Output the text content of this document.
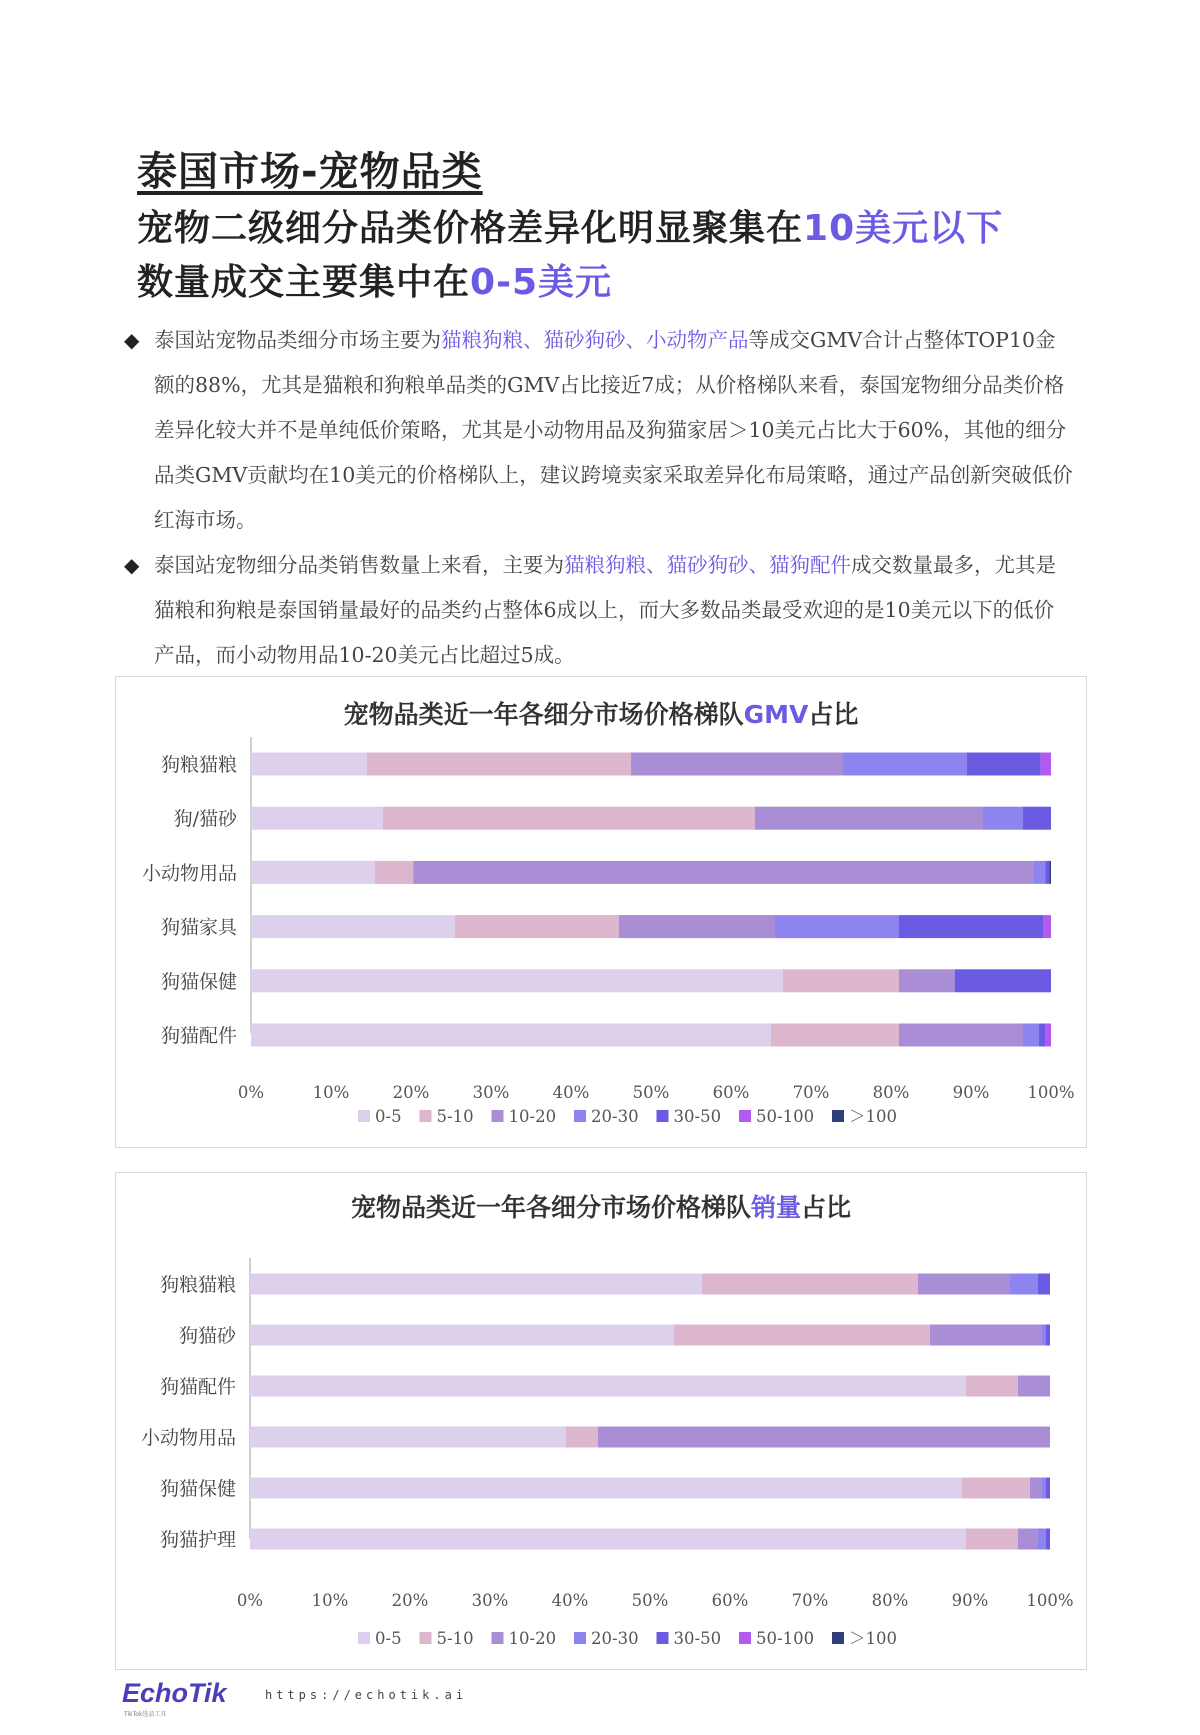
泰国市场-宠物品类
宠物二级细分品类价格差异化明显聚集在10美元以下
数量成交主要集中在0-5美元
◆ 泰国站宠物品类细分市场主要为猫粮狗粮、猫砂狗砂、小动物产品等成交GMV合计占整体TOP10金额的88%，尤其是猫粮和狗粮单品类的GMV占比接近7成；从价格梯队来看，泰国宠物细分品类价格差异化较大并不是单纯低价策略，尤其是小动物用品及狗猫家居＞10美元占比大于60%，其他的细分品类GMV贡献均在10美元的价格梯队上，建议跨境卖家采取差异化布局策略，通过产品创新突破低价红海市场。
◆ 泰国站宠物细分品类销售数量上来看，主要为猫粮狗粮、猫砂狗砂、猫狗配件成交数量最多，尤其是猫粮和狗粮是泰国销量最好的品类约占整体6成以上，而大多数品类最受欢迎的是10美元以下的低价产品，而小动物用品10-20美元占比超过5成。

宠物品类近一年各细分市场价格梯队GMV占比

狗粮猫粮
狗/猫砂
小动物用品
狗猫家具
狗猫保健
狗猫配件
0%	10%	20%	30%	40%	50%	60%	70%	80%	90% 100%
0-5 5-10 10-20 20-30 30-50 50-100 ＞100

宠物品类近一年各细分市场价格梯队销量占比

狗粮猫粮
狗猫砂
狗猫配件
小动物用品
狗猫保健
狗猫护理
0%	10%	20%	30%	40%	50%	60%	70%	80%	90% 100%
0-5 5-10 10-20 20-30 30-50 50-100 ＞100
EchoTik
TikTok选品工具
https://echotik.ai
